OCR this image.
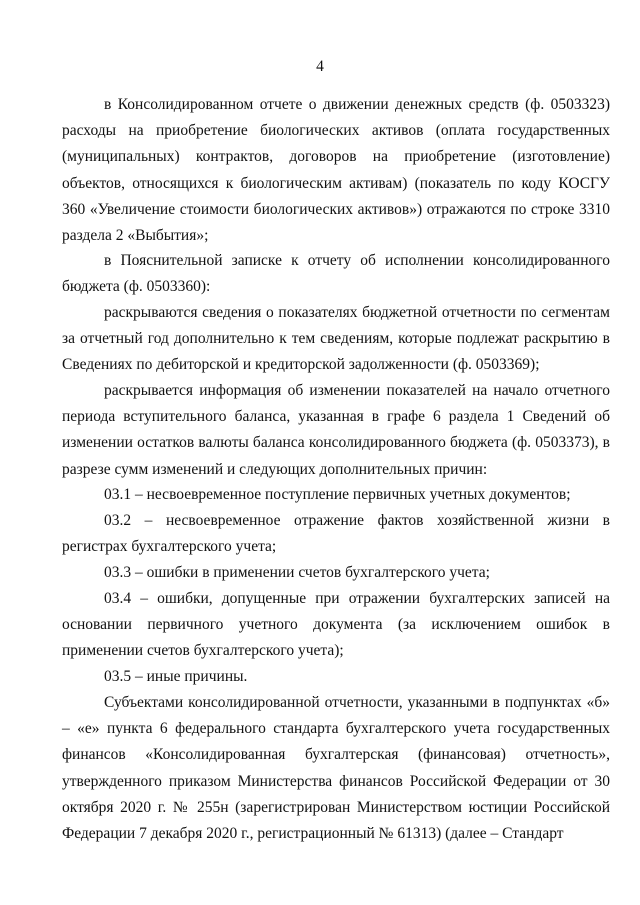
4

в Консолидированном отчете о движении денежных средств (ф. 0503323) расходы на приобретение биологических активов (оплата государственных (муниципальных) контрактов, договоров на приобретение (изготовление) объектов, относящихся к биологическим активам) (показатель по коду КОСГУ 360 «Увеличение стоимости биологических активов») отражаются по строке 3310 раздела 2 «Выбытия»;

в Пояснительной записке к отчету об исполнении консолидированного бюджета (ф. 0503360):

раскрываются сведения о показателях бюджетной отчетности по сегментам за отчетный год дополнительно к тем сведениям, которые подлежат раскрытию в Сведениях по дебиторской и кредиторской задолженности (ф. 0503369);

раскрывается информация об изменении показателей на начало отчетного периода вступительного баланса, указанная в графе 6 раздела 1 Сведений об изменении остатков валюты баланса консолидированного бюджета (ф. 0503373), в разрезе сумм изменений и следующих дополнительных причин:

03.1 – несвоевременное поступление первичных учетных документов;

03.2 – несвоевременное отражение фактов хозяйственной жизни в регистрах бухгалтерского учета;

03.3 – ошибки в применении счетов бухгалтерского учета;

03.4 – ошибки, допущенные при отражении бухгалтерских записей на основании первичного учетного документа (за исключением ошибок в применении счетов бухгалтерского учета);

03.5 – иные причины.

Субъектами консолидированной отчетности, указанными в подпунктах «б» – «е» пункта 6 федерального стандарта бухгалтерского учета государственных финансов «Консолидированная бухгалтерская (финансовая) отчетность», утвержденного приказом Министерства финансов Российской Федерации от 30 октября 2020 г. № 255н (зарегистрирован Министерством юстиции Российской Федерации 7 декабря 2020 г., регистрационный № 61313) (далее – Стандарт
